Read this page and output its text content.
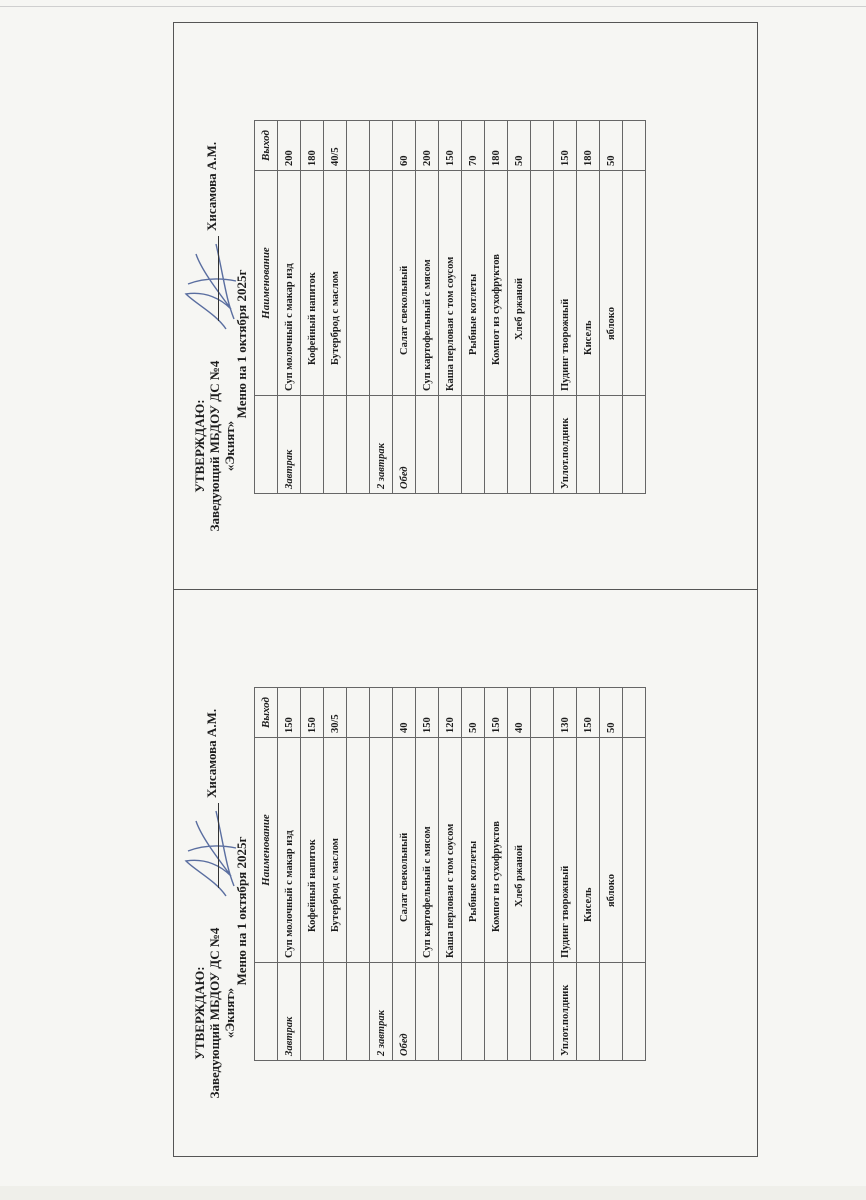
УТВЕРЖДАЮ: Заведующий МБДОУ ДС №4 «Экият»
Хисамова А.М.
Меню на 1 октября 2025г
	Наименование	Выход
Завтрак	Суп молочный с макар изд	150
	Кофейный напиток	150
	Бутерброд с маслом	30/5

2 завтрак		
Обед	Салат свекольный	40
	Суп картофельный с мясом	150
	Каша перловая с том соусом	120
	Рыбные котлеты	50
	Компот из сухофруктов	150
	Хлеб ржаной	40

Уплот.полдник	Пудинг творожный	130
	Кисель	150
	яблоко	50

УТВЕРЖДАЮ: Заведующий МБДОУ ДС №4 «Экият»
Хисамова А.М.
Меню на 1 октября 2025г
	Наименование	Выход
Завтрак	Суп молочный с макар изд	200
	Кофейный напиток	180
	Бутерброд с маслом	40/5

2 завтрак		
Обед	Салат свекольный	60
	Суп картофельный с мясом	200
	Каша перловая с том соусом	150
	Рыбные котлеты	70
	Компот из сухофруктов	180
	Хлеб ржаной	50

Уплот.полдник	Пудинг творожный	150
	Кисель	180
	яблоко	50
